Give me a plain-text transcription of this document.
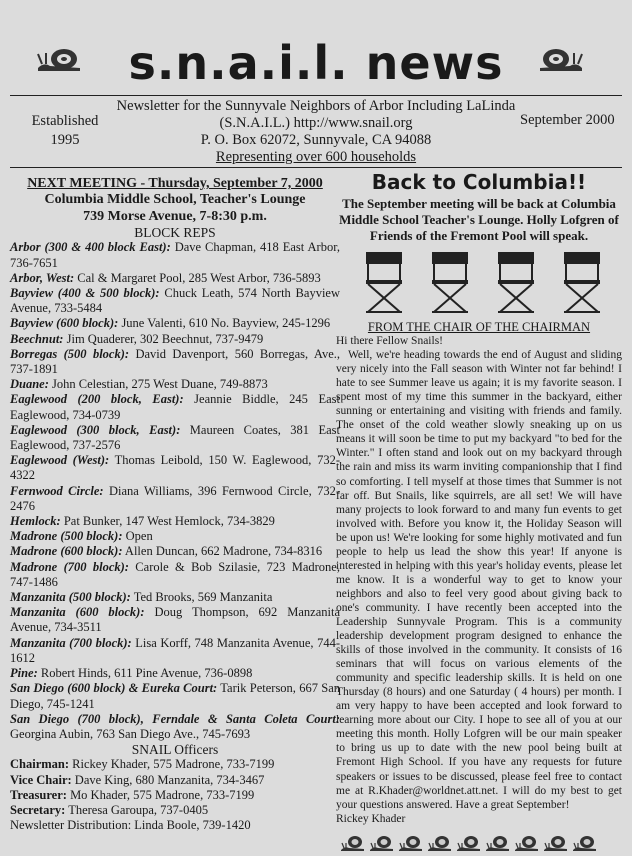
s.n.a.i.l. news
Newsletter for the Sunnyvale Neighbors of Arbor Including LaLinda
Established
1995
(S.N.A.I.L.) http://www.snail.org
P. O. Box 62072, Sunnyvale, CA 94088
Representing over 600 households
September 2000
NEXT MEETING - Thursday, September 7, 2000
Columbia Middle School, Teacher's Lounge
739 Morse Avenue, 7-8:30 p.m.
BLOCK REPS

Arbor (300 & 400 block East): Dave Chapman, 418 East Arbor, 736-7651

Arbor, West: Cal & Margaret Pool, 285 West Arbor, 736-5893

Bayview (400 & 500 block): Chuck Leath, 574 North Bayview Avenue, 733-5484

Bayview (600 block): June Valenti, 610 No. Bayview, 245-1296

Beechnut: Jim Quaderer, 302 Beechnut, 737-9479

Borregas (500 block): David Davenport, 560 Borregas, Ave., 737-1891

Duane: John Celestian, 275 West Duane, 749-8873

Eaglewood (200 block, East): Jeannie Biddle, 245 East Eaglewood, 734-0739

Eaglewood (300 block, East): Maureen Coates, 381 East Eaglewood, 737-2576

Eaglewood (West): Thomas Leibold, 150 W. Eaglewood, 732-4322

Fernwood Circle: Diana Williams, 396 Fernwood Circle, 732-2476

Hemlock: Pat Bunker, 147 West Hemlock, 734-3829

Madrone (500 block): Open

Madrone (600 block): Allen Duncan, 662 Madrone, 734-8316

Madrone (700 block): Carole & Bob Szilasie, 723 Madrone, 747-1486

Manzanita (500 block): Ted Brooks, 569 Manzanita

Manzanita (600 block): Doug Thompson, 692 Manzanita Avenue, 734-3511

Manzanita (700 block): Lisa Korff, 748 Manzanita Avenue, 744-1612

Pine: Robert Hinds, 611 Pine Avenue, 736-0898

San Diego (600 block) & Eureka Court: Tarik Peterson, 667 San Diego, 745-1241

San Diego (700 block), Ferndale & Santa Coleta Court: Georgina Aubin, 763 San Diego Ave., 745-7693

SNAIL Officers

Chairman: Rickey Khader, 575 Madrone, 733-7199

Vice Chair: Dave King, 680 Manzanita, 734-3467

Treasurer: Mo Khader, 575 Madrone, 733-7199

Secretary: Theresa Garoupa, 737-0405

Newsletter Distribution: Linda Boole, 739-1420

Back to Columbia!!
The September meeting will be back at Columbia Middle School Teacher's Lounge. Holly Lofgren of Friends of the Fremont Pool will speak.
FROM THE CHAIR OF THE CHAIRMAN

Hi there Fellow Snails!

Well, we're heading towards the end of August and sliding very nicely into the Fall season with Winter not far behind! I hate to see Summer leave us again; it is my favorite season. I spent most of my time this summer in the backyard, either sunning or entertaining and visiting with friends and family. The onset of the cold weather slowly sneaking up on us means it will soon be time to put my backyard "to bed for the Winter." I often stand and look out on my backyard through the rain and miss its warm inviting companionship that I find so comforting. I tell myself at those times that Summer is not far off. But Snails, like squirrels, are all set! We will have many projects to look forward to and many fun events to get involved with. Before you know it, the Holiday Season will be upon us! We're looking for some highly motivated and fun people to help us lead the show this year! If anyone is interested in helping with this year's holiday events, please let me know. It is a wonderful way to get to know your neighbors and also to feel very good about giving back to one's community. I have recently been accepted into the Leadership Sunnyvale Program. This is a community leadership development program designed to enhance the skills of those involved in the community. It consists of 16 seminars that will focus on various elements of the community and specific leadership skills. It is held on one Thursday (8 hours) and one Saturday ( 4 hours) per month. I am very happy to have been accepted and look forward to learning more about our City. I hope to see all of you at our meeting this month. Holly Lofgren will be our main speaker to bring us up to date with the new pool being built at Fremont High School. If you have any requests for future speakers or issues to be discussed, please feel free to contact me at R.Khader@worldnet.att.net. I will do my best to get your questions answered. Have a great September!

Rickey Khader
